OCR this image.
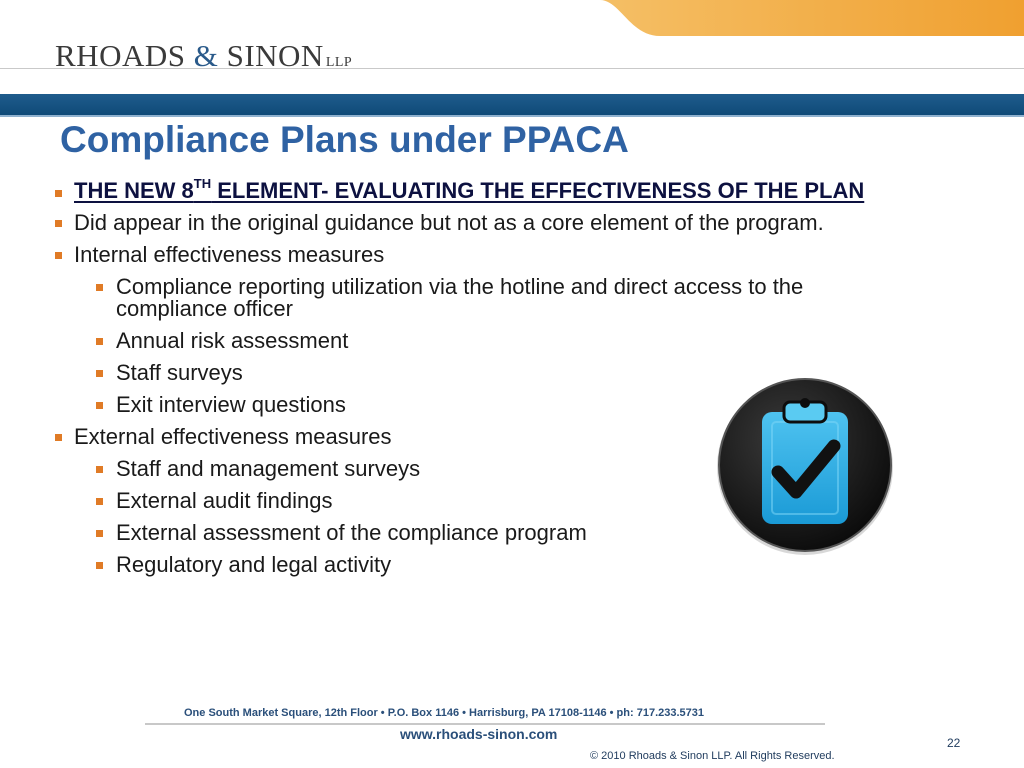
RHOADS & SINON LLP
Compliance Plans under PPACA
THE NEW 8TH ELEMENT- EVALUATING THE EFFECTIVENESS OF THE PLAN
Did appear in the original guidance but not as a core element of the program.
Internal effectiveness measures
Compliance reporting utilization via the hotline and direct access to the compliance officer
Annual risk assessment
Staff surveys
Exit interview questions
External effectiveness measures
Staff and management surveys
External audit findings
External assessment of the compliance program
Regulatory and legal activity
One South Market Square, 12th Floor • P.O. Box 1146 • Harrisburg, PA 17108-1146 • ph: 717.233.5731
www.rhoads-sinon.com
22
© 2010 Rhoads & Sinon LLP. All Rights Reserved.
